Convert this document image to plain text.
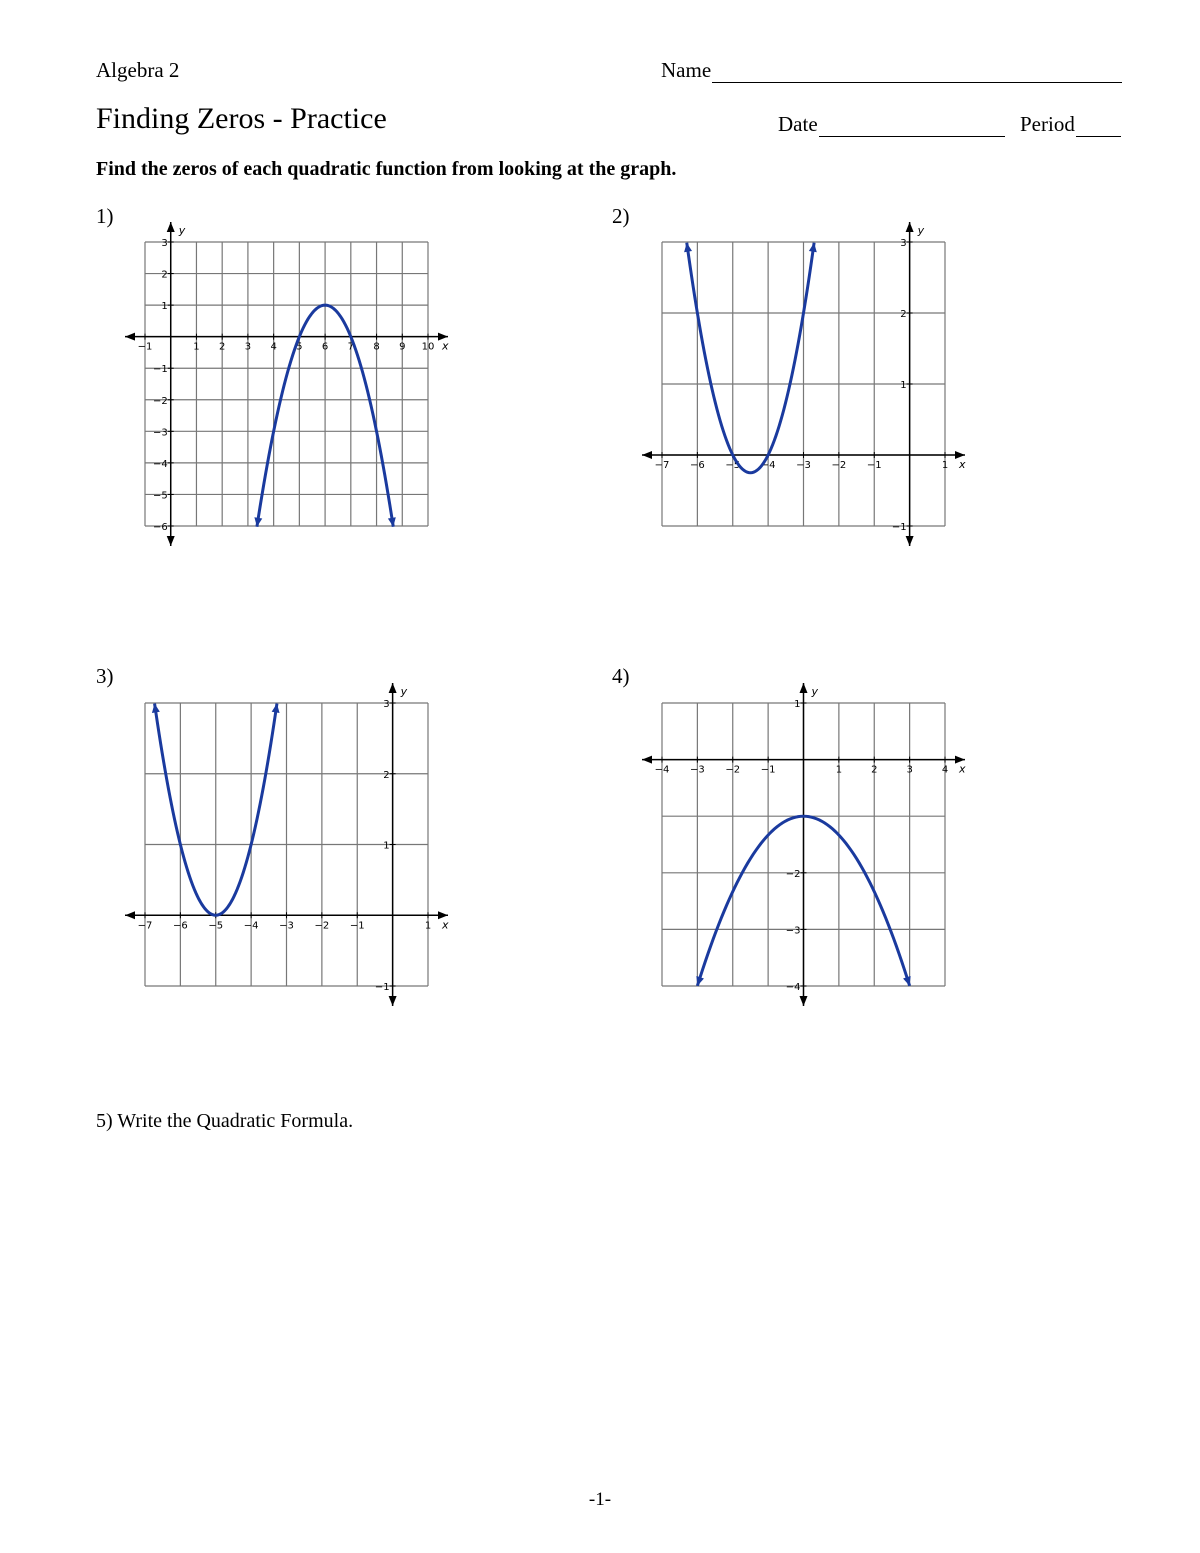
Algebra 2	Name
Finding Zeros - Practice	Date	Period
Find the zeros of each quadratic function from looking at the graph.
1)	2)
3)	4)
x
y
−1	1 2 3 4 5 6 7 8 9 10
−6
−5
−4
−3
−2
−1
1
2
3
x
y
−7 −6 −5 −4 −3 −2 −1	1
−1
1
2
3
x
y
−7 −6 −5 −4 −3 −2 −1	1
−1
1
2
3
x
y
−4 −3 −2 −1	1	2	3	4
−4
−3
−2
1
5) Write the Quadratic Formula.
-1-
